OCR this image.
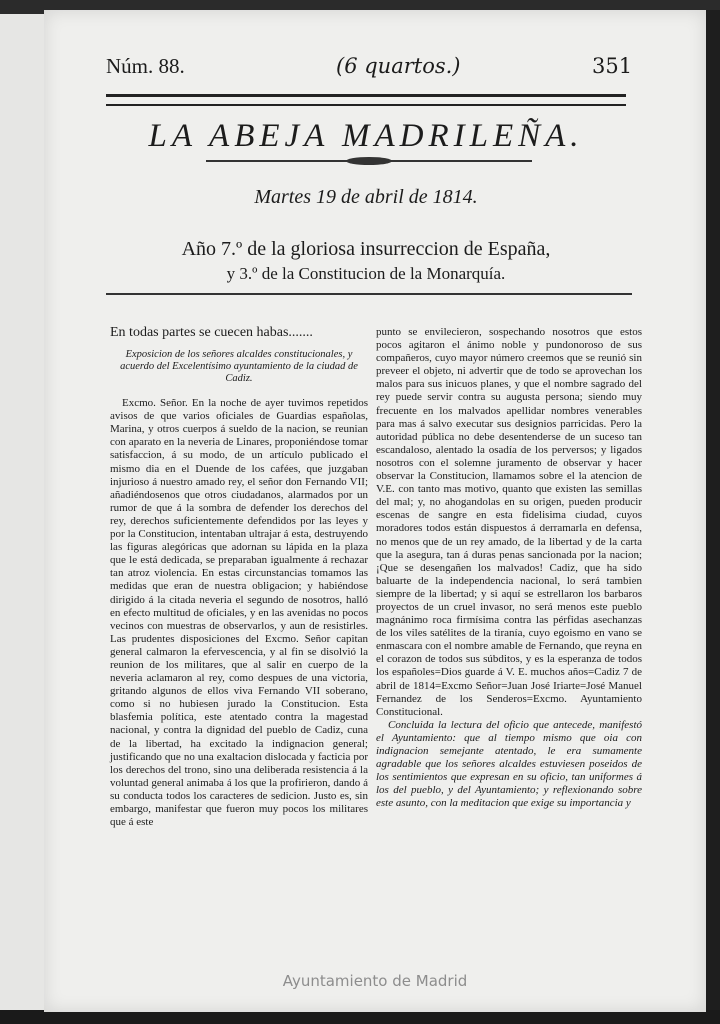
Núm. 88.	(6 quartos.)	351
LA ABEJA MADRILEÑA.
Martes 19 de abril de 1814.
Año 7.º de la gloriosa insurreccion de España,
y 3.º de la Constitucion de la Monarquía.

En todas partes se cuecen habas.......

Exposicion de los señores alcaldes constitucionales, y acuerdo del Excelentísimo ayuntamiento de la ciudad de Cadiz.

Excmo. Señor. En la noche de ayer tuvimos repetidos avisos de que varios oficiales de Guardias españolas, Marina, y otros cuerpos á sueldo de la nacion, se reunian con aparato en la neveria de Linares, proponiéndose tomar satisfaccion, á su modo, de un artículo publicado el mismo dia en el Duende de los cafées, que juzgaban injurioso á nuestro amado rey, el señor don Fernando VII; añadiéndosenos que otros ciudadanos, alarmados por un rumor de que á la sombra de defender los derechos del rey, derechos suficientemente defendidos por las leyes y por la Constitucion, intentaban ultrajar á esta, destruyendo las figuras alegóricas que adornan su lápida en la plaza que le está dedicada, se preparaban igualmente á rechazar tan atroz violencia. En estas circunstancias tomamos las medidas que eran de nuestra obligacion; y habiéndose dirigido á la citada neveria el segundo de nosotros, halló en efecto multitud de oficiales, y en las avenidas no pocos vecinos con muestras de observarlos, y aun de resistirles. Las prudentes disposiciones del Excmo. Señor capitan general calmaron la efervescencia, y al fin se disolvió la reunion de los militares, que al salir en cuerpo de la neveria aclamaron al rey, como despues de una victoria, gritando algunos de ellos viva Fernando VII soberano, como si no hubiesen jurado la Constitucion. Esta blasfemia política, este atentado contra la magestad nacional, y contra la dignidad del pueblo de Cadiz, cuna de la libertad, ha excitado la indignacion general; justificando que no una exaltacion dislocada y facticia por los derechos del trono, sino una deliberada resistencia á la voluntad general animaba á los que la profirieron, dando á su conducta todos los caracteres de sedicion. Justo es, sin embargo, manifestar que fueron muy pocos los militares que á este

punto se envilecieron, sospechando nosotros que estos pocos agitaron el ánimo noble y pundonoroso de sus compañeros, cuyo mayor número creemos que se reunió sin preveer el objeto, ni advertir que de todo se aprovechan los malos para sus inicuos planes, y que el nombre sagrado del rey puede servir contra su augusta persona; siendo muy frecuente en los malvados apellidar nombres venerables para mas á salvo executar sus designios parricidas. Pero la autoridad pública no debe desentenderse de un suceso tan escandaloso, alentado la osadía de los perversos; y ligados nosotros con el solemne juramento de observar y hacer observar la Constitucion, llamamos sobre el la atencion de V.E. con tanto mas motivo, quanto que existen las semillas del mal; y, no ahogandolas en su origen, pueden producir escenas de sangre en esta fidelisima ciudad, cuyos moradores todos están dispuestos á derramarla en defensa, no menos que de un rey amado, de la libertad y de la carta que la asegura, tan á duras penas sancionada por la nacion; ¡Que se desengañen los malvados! Cadiz, que ha sido baluarte de la independencia nacional, lo será tambien siempre de la libertad; y si aquí se estrellaron los barbaros proyectos de un cruel invasor, no será menos este pueblo magnánimo roca firmísima contra las pérfidas asechanzas de los viles satélites de la tiranía, cuyo egoismo en vano se enmascara con el nombre amable de Fernando, que reyna en el corazon de todos sus súbditos, y es la esperanza de todos los españoles=Dios guarde á V. E. muchos años=Cadiz 7 de abril de 1814=Excmo Señor=Juan José Iriarte=José Manuel Fernandez de los Senderos=Excmo. Ayuntamiento Constitucional.

Concluida la lectura del oficio que antecede, manifestó el Ayuntamiento: que al tiempo mismo que oia con indignacion semejante atentado, le era sumamente agradable que los señores alcaldes estuviesen poseidos de los sentimientos que expresan en su oficio, tan uniformes á los del pueblo, y del Ayuntamiento; y reflexionando sobre este asunto, con la meditacion que exige su importancia y

Ayuntamiento de Madrid
